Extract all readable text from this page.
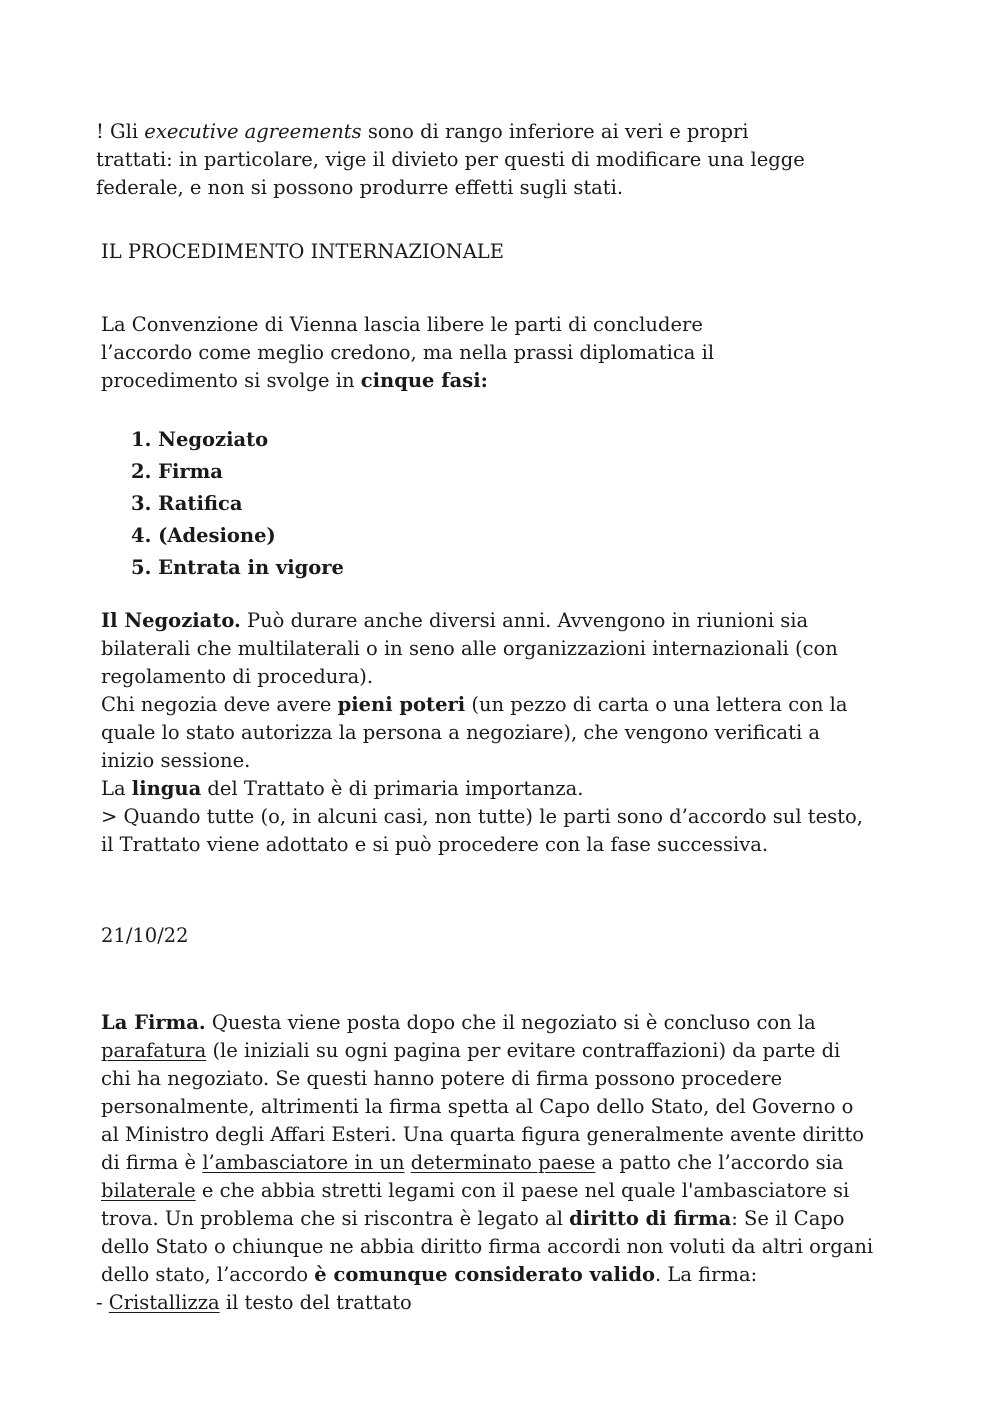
! Gli executive agreements sono di rango inferiore ai veri e propri

trattati: in particolare, vige il divieto per questi di modificare una legge

federale, e non si possono produrre effetti sugli stati.

IL PROCEDIMENTO INTERNAZIONALE

La Convenzione di Vienna lascia libere le parti di concludere

l’accordo come meglio credono, ma nella prassi diplomatica il

procedimento si svolge in cinque fasi:

1. Negoziato
2. Firma
3. Ratifica
4. (Adesione)
5. Entrata in vigore

Il Negoziato. Può durare anche diversi anni. Avvengono in riunioni sia

bilaterali che multilaterali o in seno alle organizzazioni internazionali (con

regolamento di procedura).

Chi negozia deve avere pieni poteri (un pezzo di carta o una lettera con la

quale lo stato autorizza la persona a negoziare), che vengono verificati a

inizio sessione.

La lingua del Trattato è di primaria importanza.

> Quando tutte (o, in alcuni casi, non tutte) le parti sono d’accordo sul testo,

il Trattato viene adottato e si può procedere con la fase successiva.

21/10/22

La Firma. Questa viene posta dopo che il negoziato si è concluso con la

parafatura (le iniziali su ogni pagina per evitare contraffazioni) da parte di

chi ha negoziato. Se questi hanno potere di firma possono procedere

personalmente, altrimenti la firma spetta al Capo dello Stato, del Governo o

al Ministro degli Affari Esteri. Una quarta figura generalmente avente diritto

di firma è l’ambasciatore in un determinato paese a patto che l’accordo sia

bilaterale e che abbia stretti legami con il paese nel quale l'ambasciatore si

trova. Un problema che si riscontra è legato al diritto di firma: Se il Capo

dello Stato o chiunque ne abbia diritto firma accordi non voluti da altri organi

dello stato, l’accordo è comunque considerato valido. La firma:

- Cristallizza il testo del trattato
